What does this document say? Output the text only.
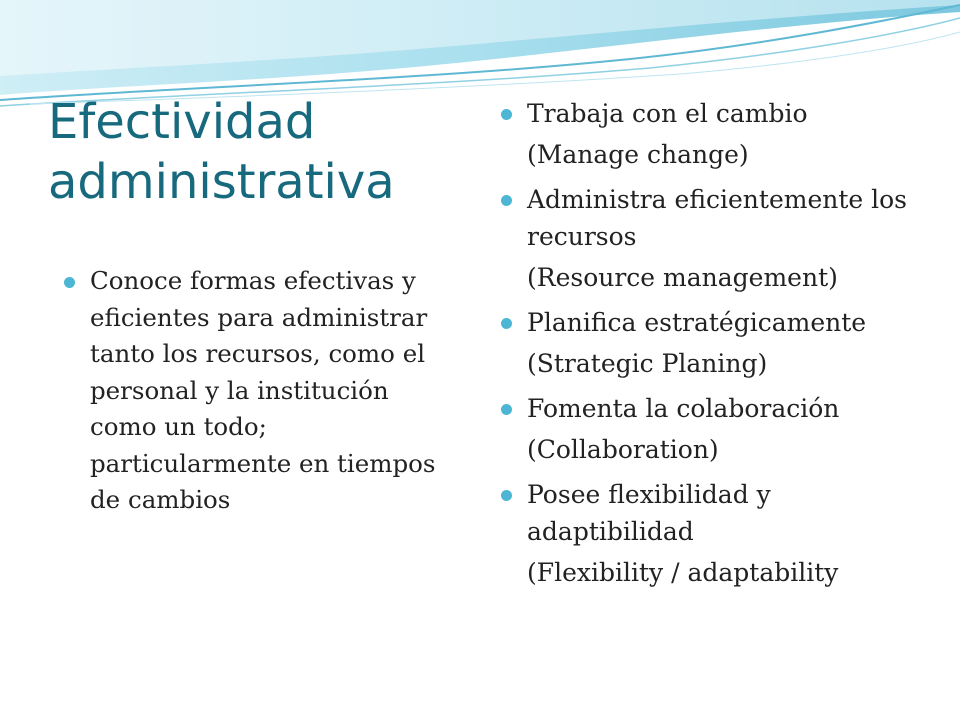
Efectividad
administrativa
Conoce formas efectivas y eficientes para administrar tanto los recursos, como el personal y la institución como un todo; particularmente en tiempos de cambios
Trabaja con el cambio
(Manage change)
Administra eficientemente los recursos
(Resource management)
Planifica estratégicamente
(Strategic Planing)
Fomenta la colaboración
(Collaboration)
Posee flexibilidad y adaptibilidad
(Flexibility / adaptability
